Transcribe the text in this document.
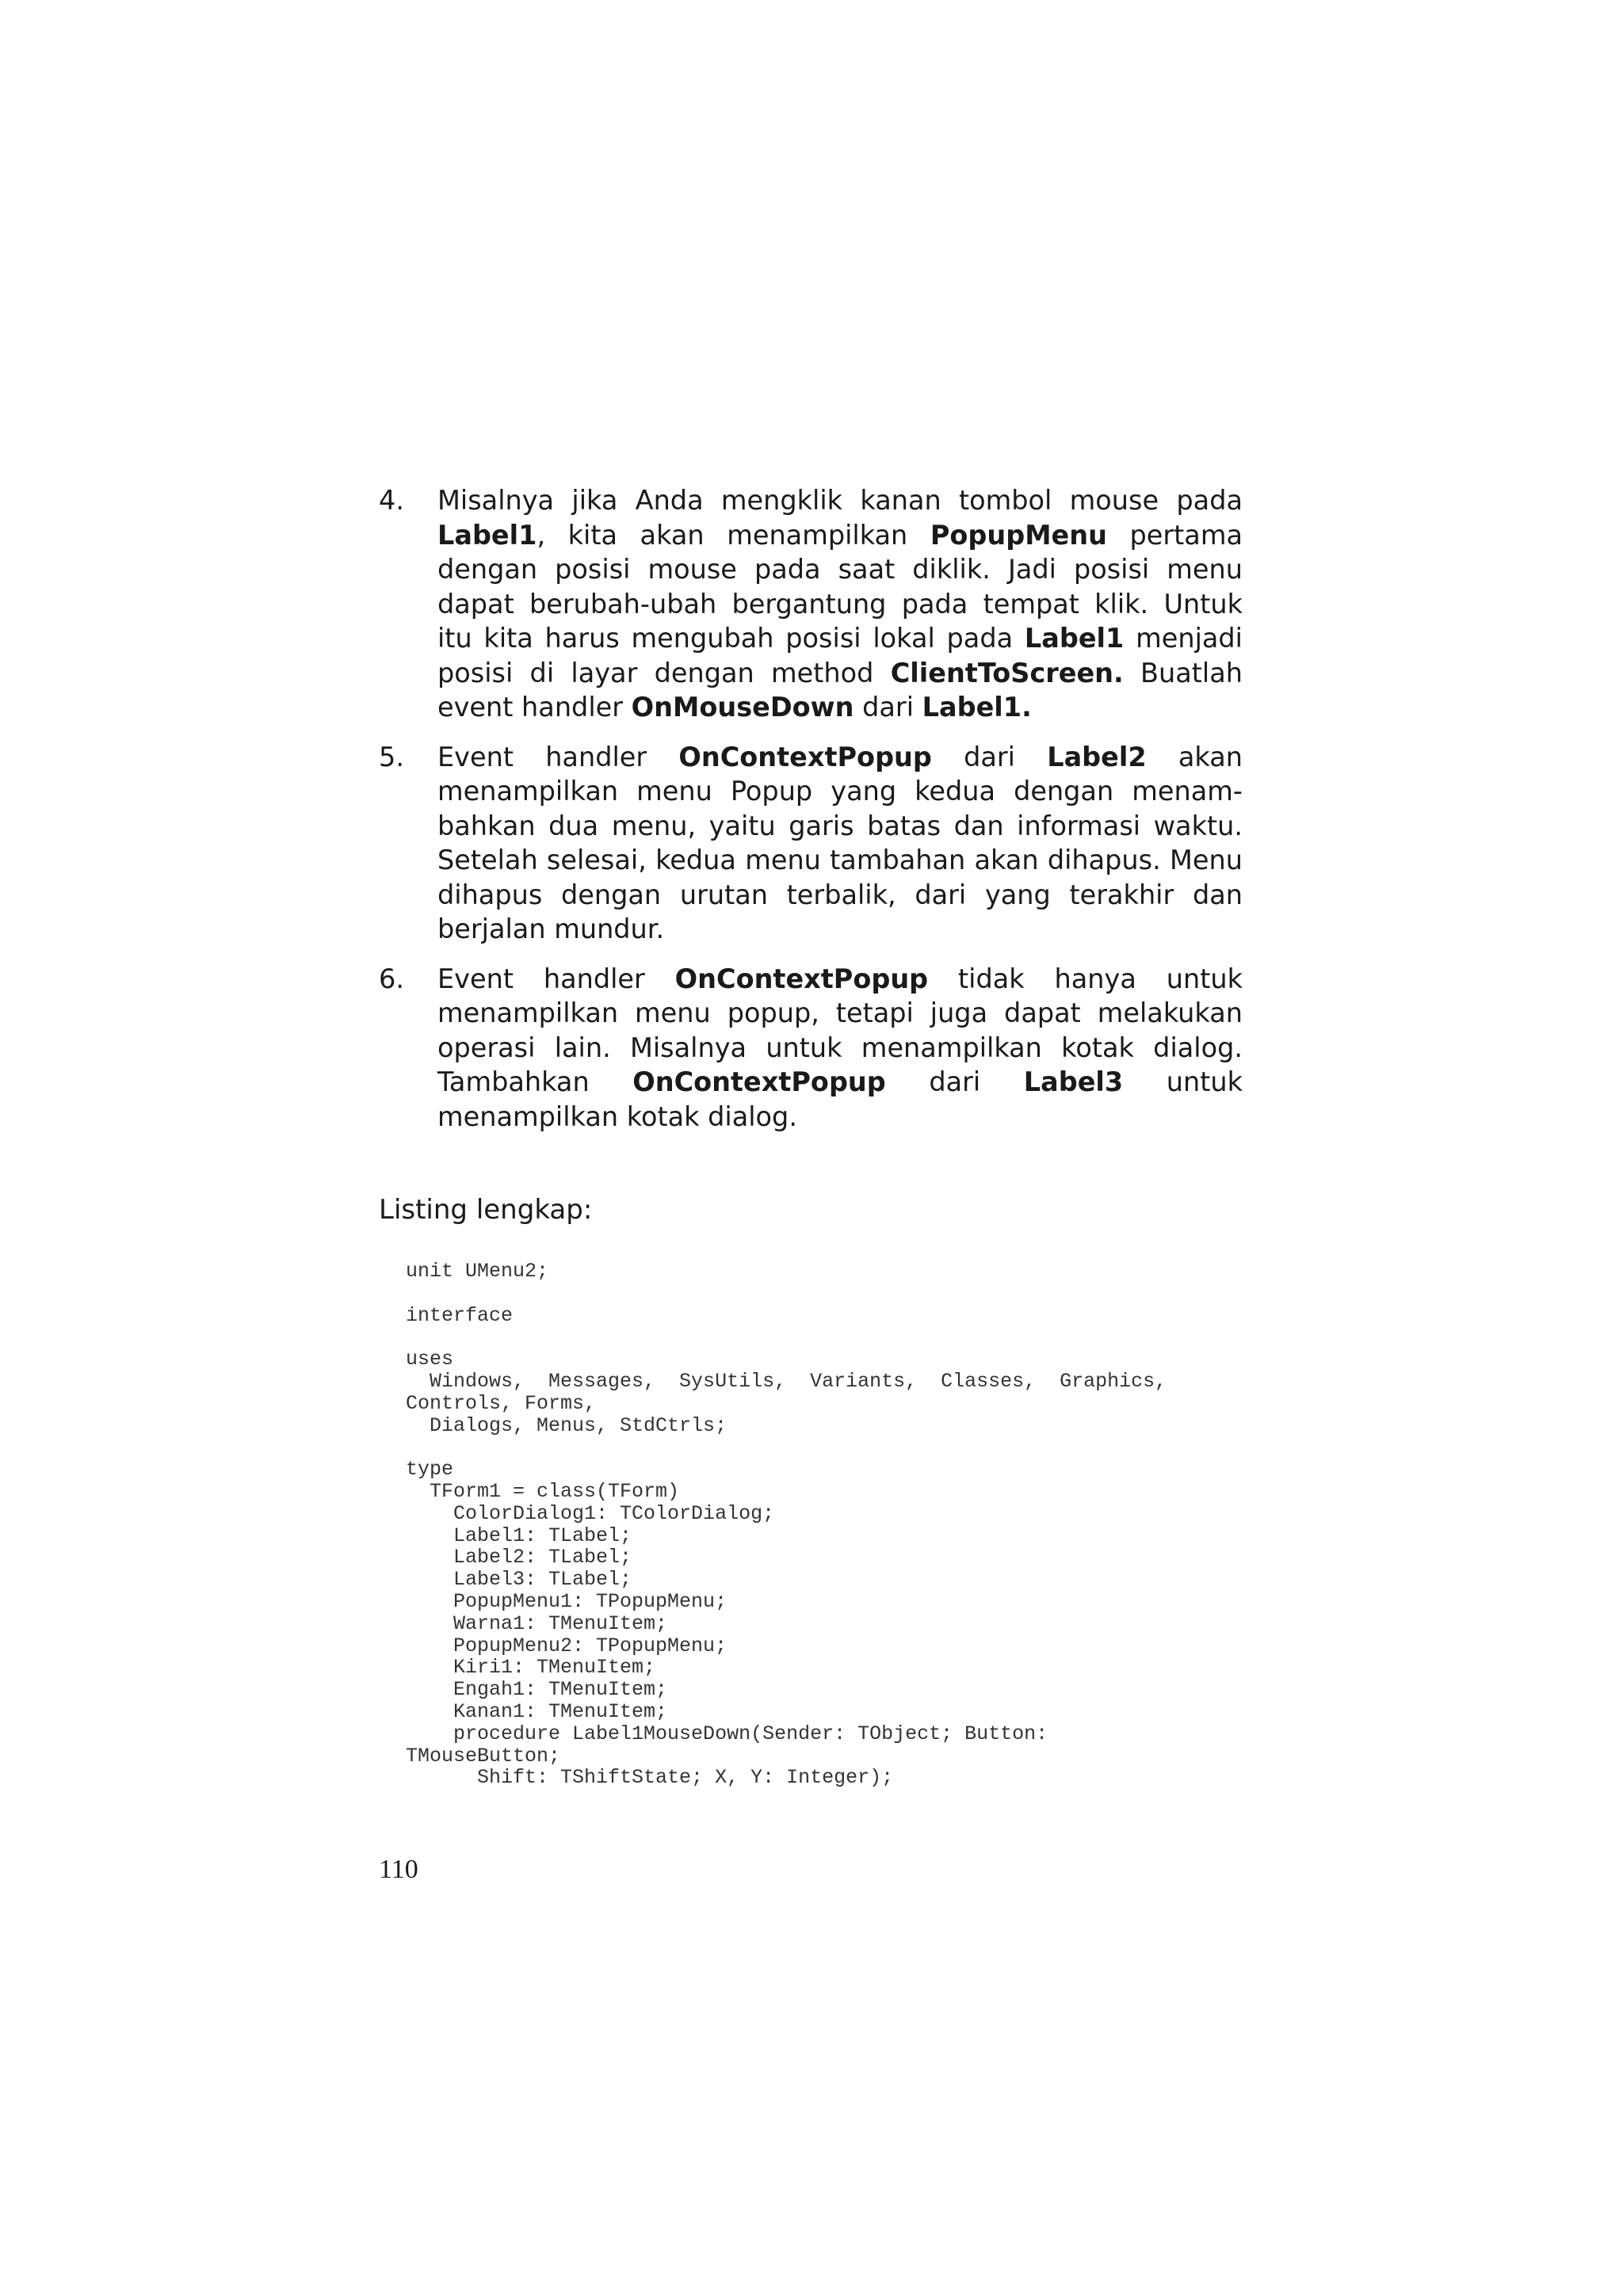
4. Misalnya jika Anda mengklik kanan tombol mouse pada Label1, kita akan menampilkan PopupMenu pertama dengan posisi mouse pada saat diklik. Jadi posisi menu dapat berubah-ubah bergantung pada tempat klik. Untuk itu kita harus mengubah posisi lokal pada Label1 menjadi posisi di layar dengan method ClientToScreen. Buatlah event handler OnMouseDown dari Label1.
5. Event handler OnContextPopup dari Label2 akan menampilkan menu Popup yang kedua dengan menam-bahkan dua menu, yaitu garis batas dan informasi waktu. Setelah selesai, kedua menu tambahan akan dihapus. Menu dihapus dengan urutan terbalik, dari yang terakhir dan berjalan mundur.
6. Event handler OnContextPopup tidak hanya untuk menampilkan menu popup, tetapi juga dapat melakukan operasi lain. Misalnya untuk menampilkan kotak dialog. Tambahkan OnContextPopup dari Label3 untuk menampilkan kotak dialog.
Listing lengkap:
unit UMenu2;
interface
uses
Windows,  Messages,  SysUtils,  Variants,  Classes,  Graphics,
Controls, Forms,
Dialogs, Menus, StdCtrls;
type
TForm1 = class(TForm)
ColorDialog1: TColorDialog;
Label1: TLabel;
Label2: TLabel;
Label3: TLabel;
PopupMenu1: TPopupMenu;
Warna1: TMenuItem;
PopupMenu2: TPopupMenu;
Kiri1: TMenuItem;
Engah1: TMenuItem;
Kanan1: TMenuItem;
procedure Label1MouseDown(Sender: TObject; Button:
TMouseButton;
Shift: TShiftState; X, Y: Integer);
110
